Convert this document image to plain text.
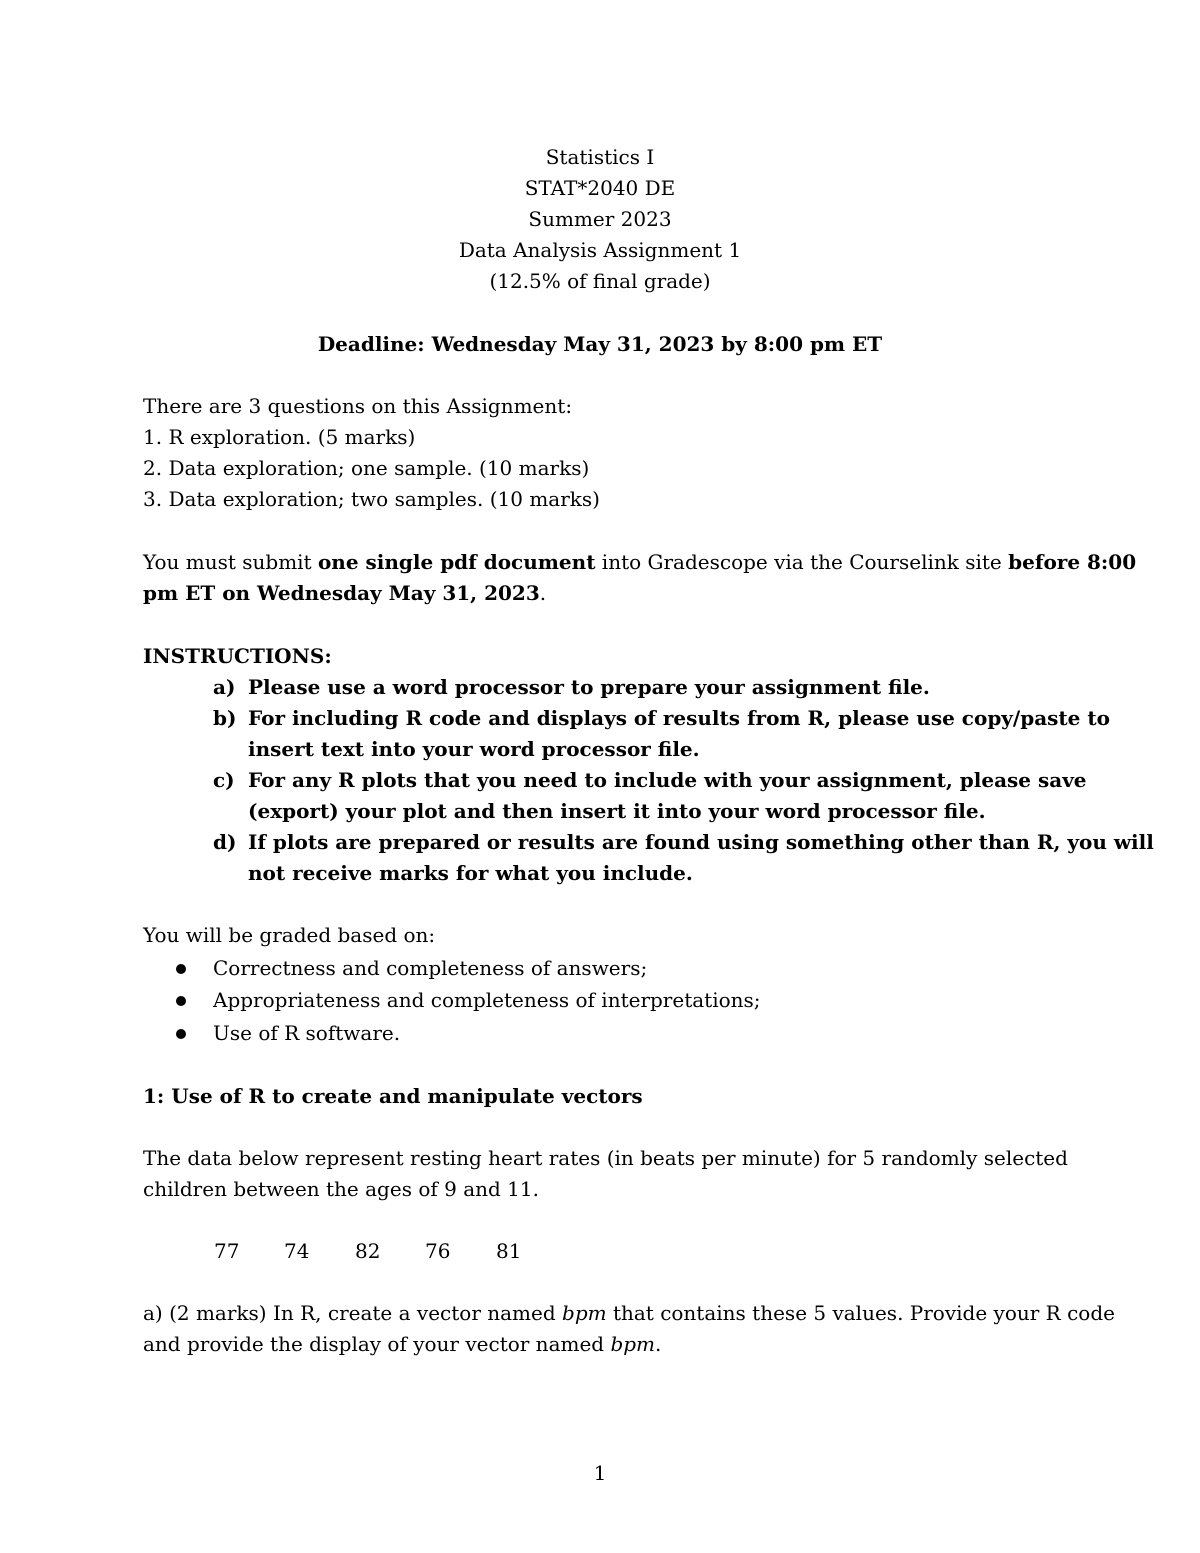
Statistics I
STAT*2040 DE
Summer 2023
Data Analysis Assignment 1
(12.5% of final grade)
Deadline: Wednesday May 31, 2023 by 8:00 pm ET
There are 3 questions on this Assignment:
1. R exploration. (5 marks)
2. Data exploration; one sample. (10 marks)
3. Data exploration; two samples. (10 marks)
You must submit one single pdf document into Gradescope via the Courselink site before 8:00
pm ET on Wednesday May 31, 2023.
INSTRUCTIONS:
a) Please use a word processor to prepare your assignment file.
b) For including R code and displays of results from R, please use copy/paste to
insert text into your word processor file.
c) For any R plots that you need to include with your assignment, please save
(export) your plot and then insert it into your word processor file.
d) If plots are prepared or results are found using something other than R, you will
not receive marks for what you include.
You will be graded based on:
Correctness and completeness of answers;
Appropriateness and completeness of interpretations;
Use of R software.
1: Use of R to create and manipulate vectors
The data below represent resting heart rates (in beats per minute) for 5 randomly selected
children between the ages of 9 and 11.
77 74 82 76 81
a) (2 marks) In R, create a vector named bpm that contains these 5 values. Provide your R code
and provide the display of your vector named bpm.
1
